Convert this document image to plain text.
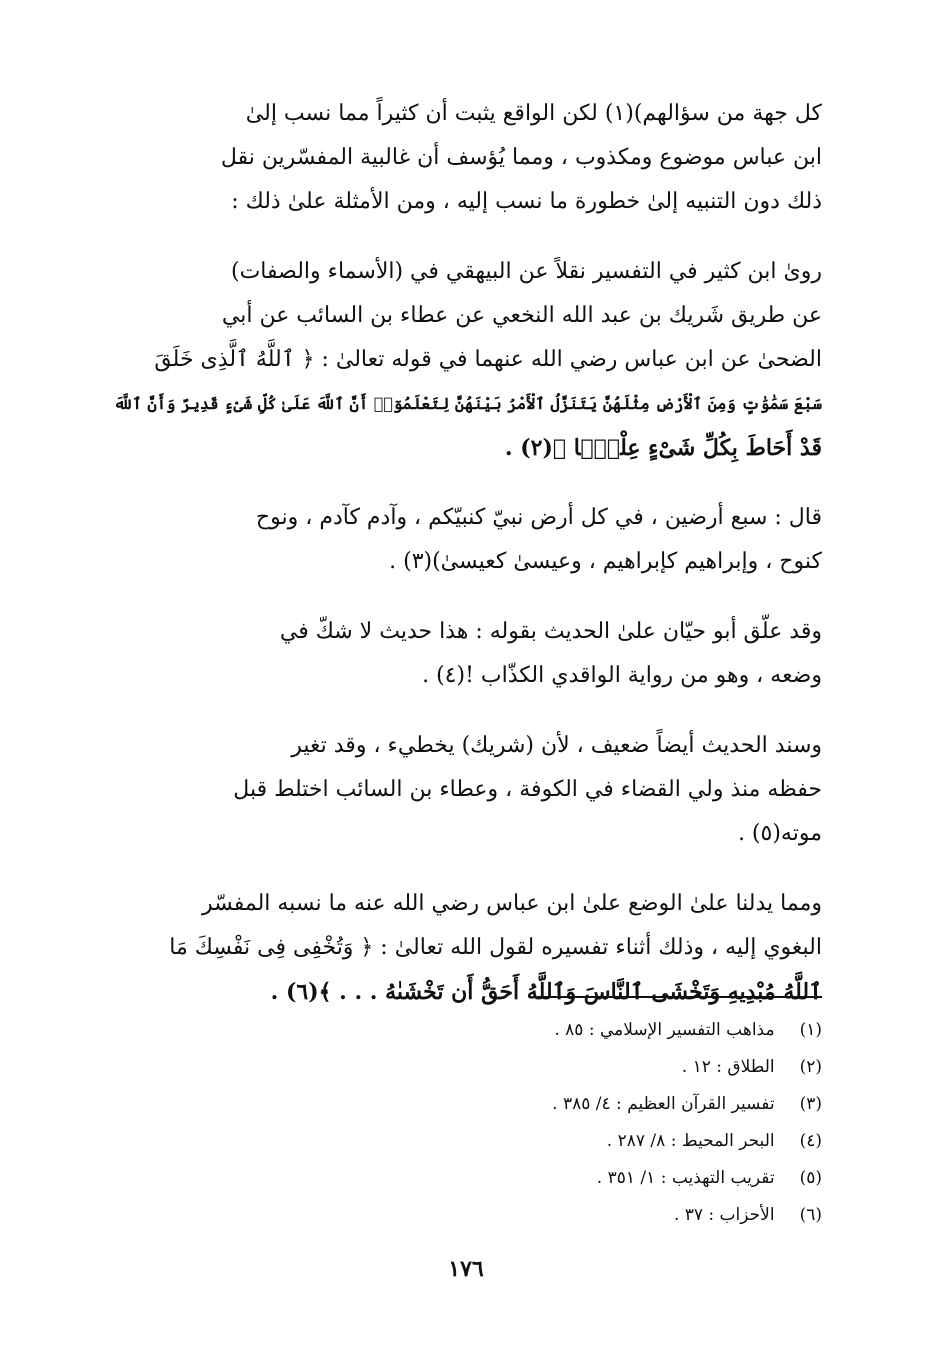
كل جهة من سؤالهم)(١) لكن الواقع يثبت أن كثيراً مما نسب إلىٰ
ابن عباس موضوع ومكذوب ، ومما يُؤسف أن غالبية المفسّرين نقل
ذلك دون التنبيه إلىٰ خطورة ما نسب إليه ، ومن الأمثلة علىٰ ذلك :

رویٰ ابن کثیر في التفسير نقلاً عن البيهقي في (الأسماء والصفات)
عن طريق شَريك بن عبد الله النخعي عن عطاء بن السائب عن أبي
الضحىٰ عن ابن عباس رضي الله عنهما في قوله تعالىٰ : ﴿ ٱللَّهُ ٱلَّذِى خَلَقَ
سَبْعَ سَمَٰوَٰتٍ وَمِنَ ٱلْأَرْضِ مِثْلَهُنَّ يَتَنَزَّلُ ٱلْأَمْرُ بَيْنَهُنَّ لِتَعْلَمُوٓا۟ أَنَّ ٱللَّهَ عَلَىٰ كُلِّ شَىْءٍ قَدِيرٌ وَأَنَّ ٱللَّهَ
قَدْ أَحَاطَ بِكُلِّ شَىْءٍ عِلْمًۢا ﴾(٢) .

قال : سبع أرضين ، في كل أرض نبيّ كنبيّكم ، وآدم كآدم ، ونوح
كنوح ، وإبراهيم كإبراهيم ، وعيسىٰ كعيسىٰ)(٣) .

وقد علّق أبو حيّان علىٰ الحديث بقوله : هذا حديث لا شكّ في
وضعه ، وهو من رواية الواقدي الكذّاب !(٤) .

وسند الحديث أيضاً ضعيف ، لأن (شريك) يخطيء ، وقد تغير
حفظه منذ ولي القضاء في الكوفة ، وعطاء بن السائب اختلط قبل
موته(٥) .

ومما يدلنا علىٰ الوضع علىٰ ابن عباس رضي الله عنه ما نسبه المفسّر
البغوي إليه ، وذلك أثناء تفسيره لقول الله تعالىٰ : ﴿ وَتُخْفِى فِى نَفْسِكَ مَا
ٱللَّهُ مُبْدِيهِ وَتَخْشَى ٱلنَّاسَ وَٱللَّهُ أَحَقُّ أَن تَخْشَىٰهُ . . . ﴾(٦) .

(١) مذاهب التفسير الإسلامي : ٨٥ .
(٢) الطلاق : ١٢ .
(٣) تفسير القرآن العظيم : ٤/ ٣٨٥ .
(٤) البحر المحيط : ٨/ ٢٨٧ .
(٥) تقريب التهذيب : ١/ ٣٥١ .
(٦) الأحزاب : ٣٧ .
١٧٦
